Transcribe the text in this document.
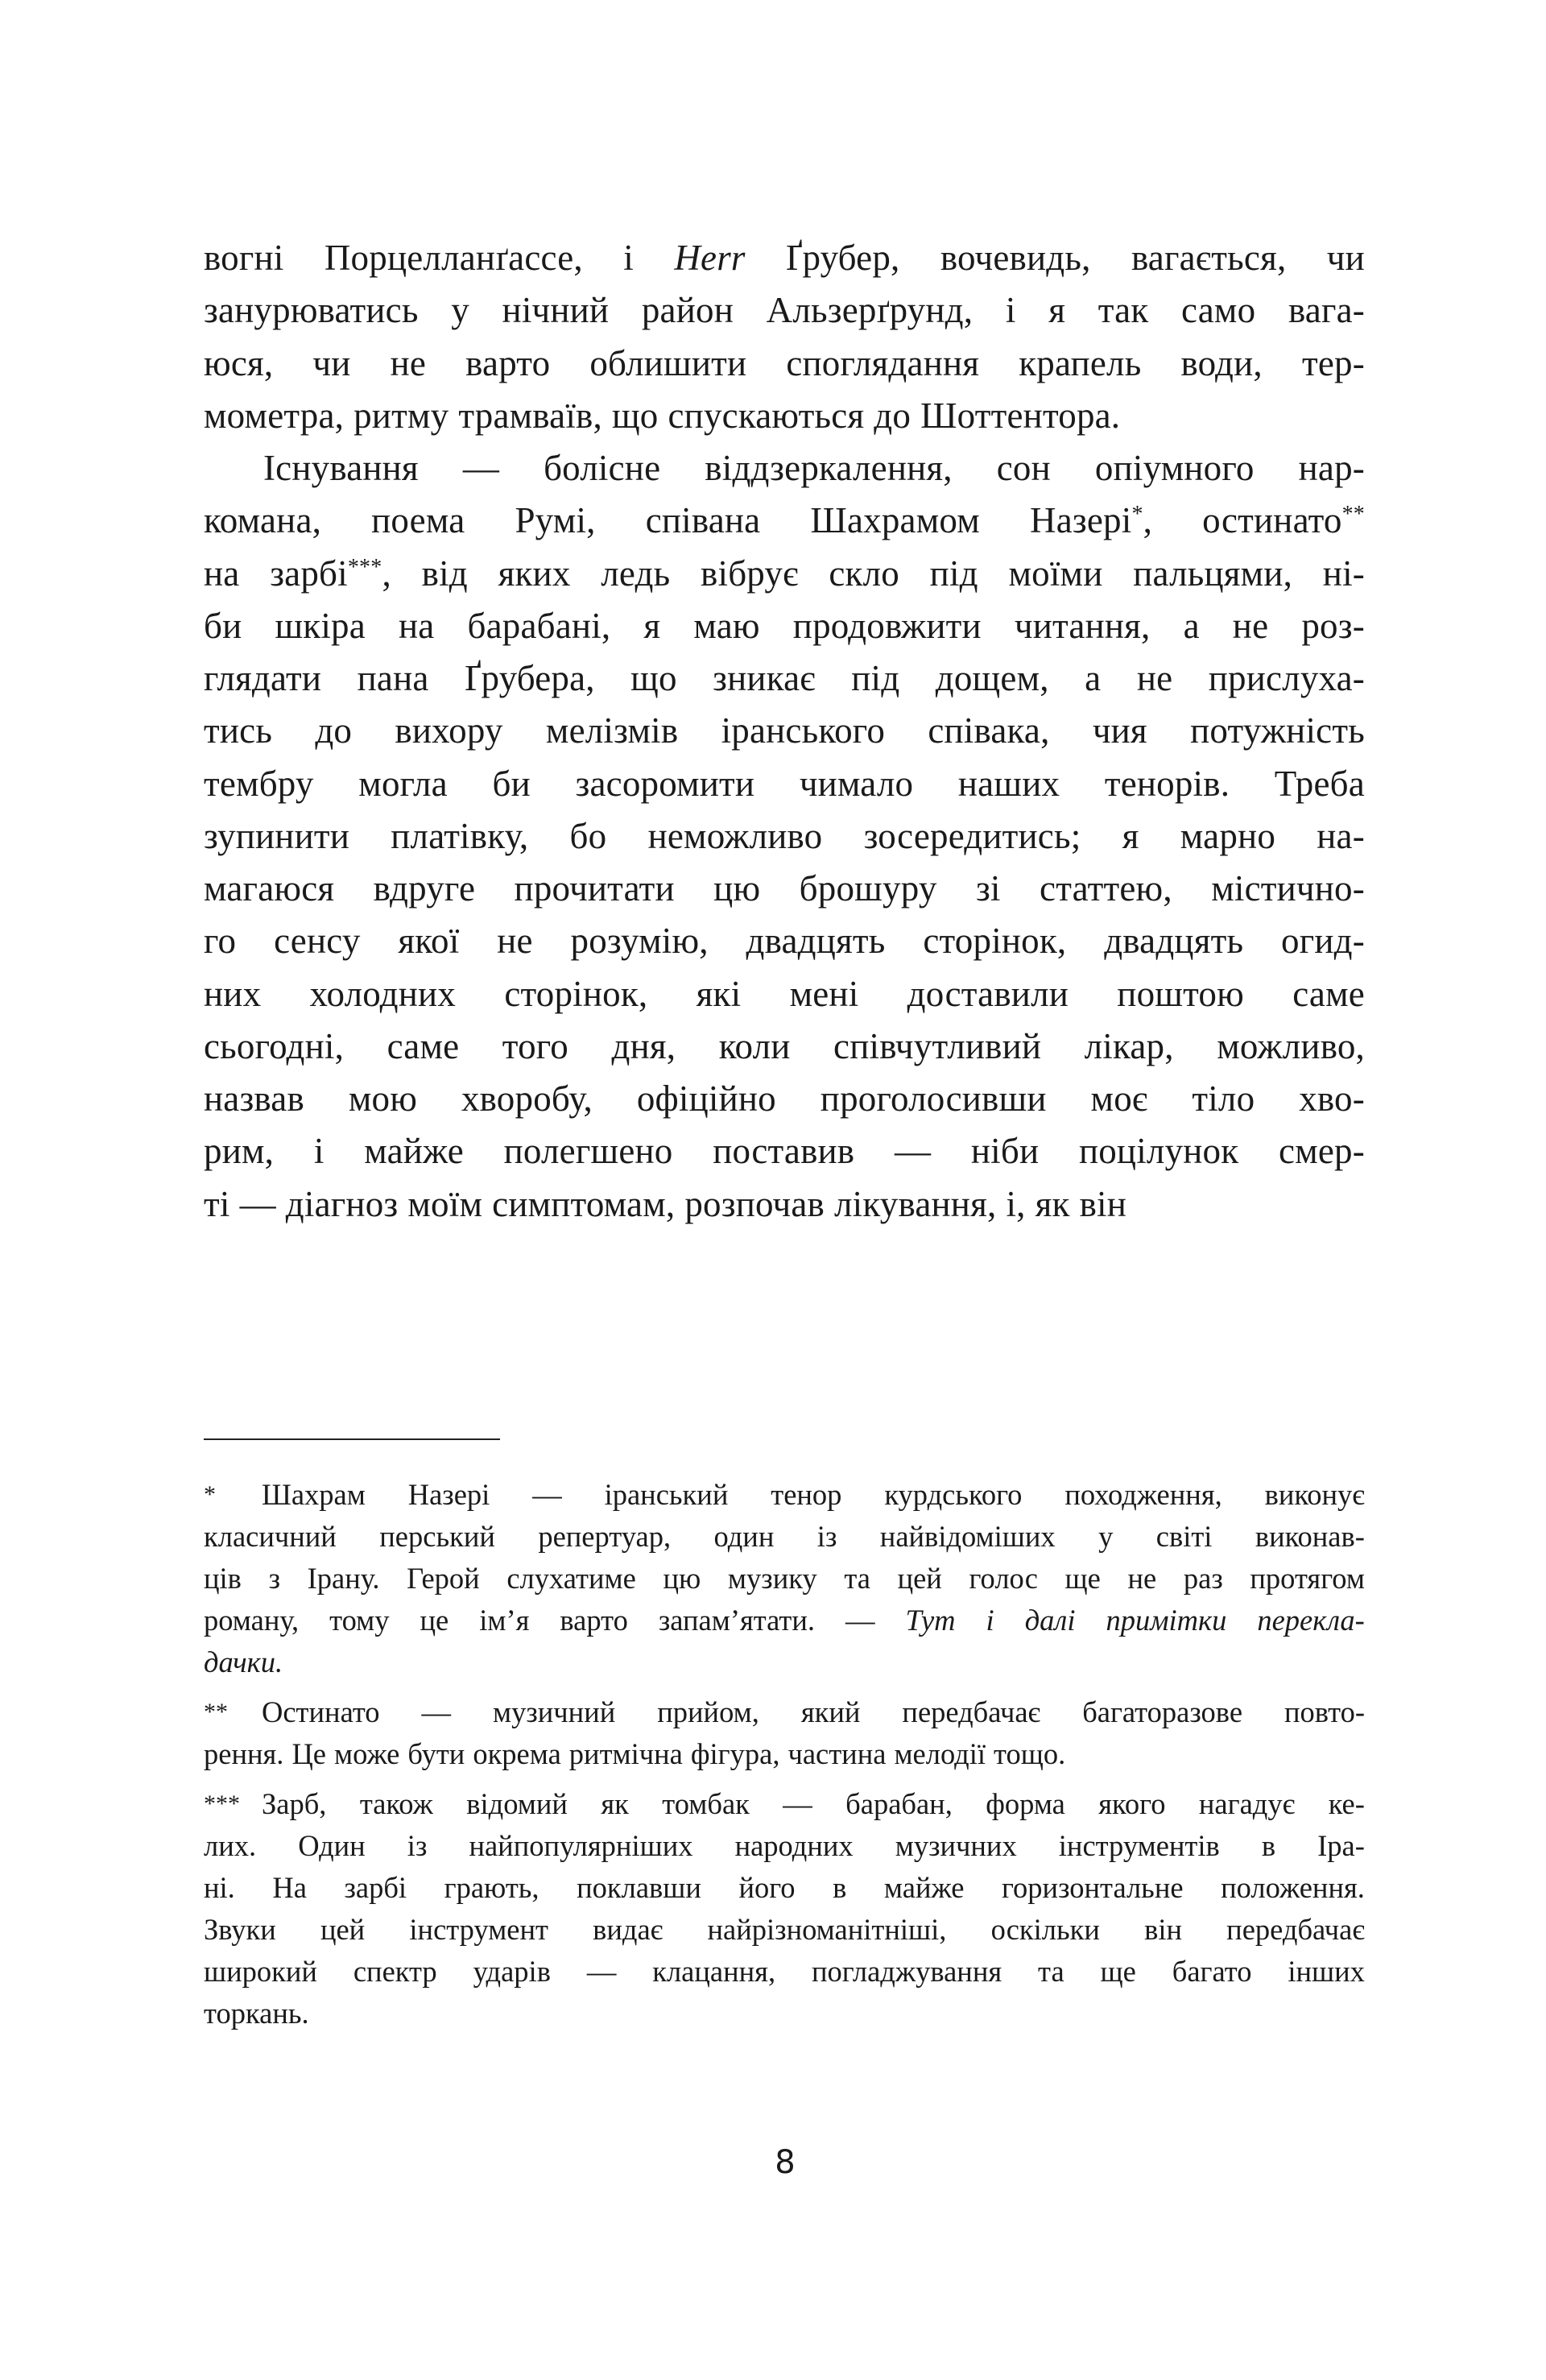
вогні Порцелланґассе, і Herr Ґрубер, вочевидь, вагається, чи
занурюватись у нічний район Альзерґрунд, і я так само вага-
юся, чи не варто облишити споглядання крапель води, тер-
мометра, ритму трамваїв, що спускаються до Шоттентора.
Існування — болісне віддзеркалення, сон опіумного нар-
комана, поема Румі, співана Шахрамом Назері*, остинато**
на зарбі***, від яких ледь вібрує скло під моїми пальцями, ні-
би шкіра на барабані, я маю продовжити читання, а не роз-
глядати пана Ґрубера, що зникає під дощем, а не прислуха-
тись до вихору мелізмів іранського співака, чия потужність
тембру могла би засоромити чимало наших тенорів. Треба
зупинити платівку, бо неможливо зосередитись; я марно на-
магаюся вдруге прочитати цю брошуру зі статтею, містично-
го сенсу якої не розумію, двадцять сторінок, двадцять огид-
них холодних сторінок, які мені доставили поштою саме
сьогодні, саме того дня, коли співчутливий лікар, можливо,
назвав мою хворобу, офіційно проголосивши моє тіло хво-
рим, і майже полегшено поставив — ніби поцілунок смер-
ті — діагноз моїм симптомам, розпочав лікування, і, як він
* Шахрам Назері — іранський тенор курдського походження, виконує
класичний перський репертуар, один із найвідоміших у світі виконав-
ців з Ірану. Герой слухатиме цю музику та цей голос ще не раз протягом
роману, тому це ім’я варто запам’ятати. — Тут і далі примітки перекла-
дачки.
** Остинато — музичний прийом, який передбачає багаторазове повто-
рення. Це може бути окрема ритмічна фігура, частина мелодії тощо.
*** Зарб, також відомий як томбак — барабан, форма якого нагадує ке-
лих. Один із найпопулярніших народних музичних інструментів в Іра-
ні. На зарбі грають, поклавши його в майже горизонтальне положення.
Звуки цей інструмент видає найрізноманітніші, оскільки він передбачає
широкий спектр ударів — клацання, погладжування та ще багато інших
торкань.
8
